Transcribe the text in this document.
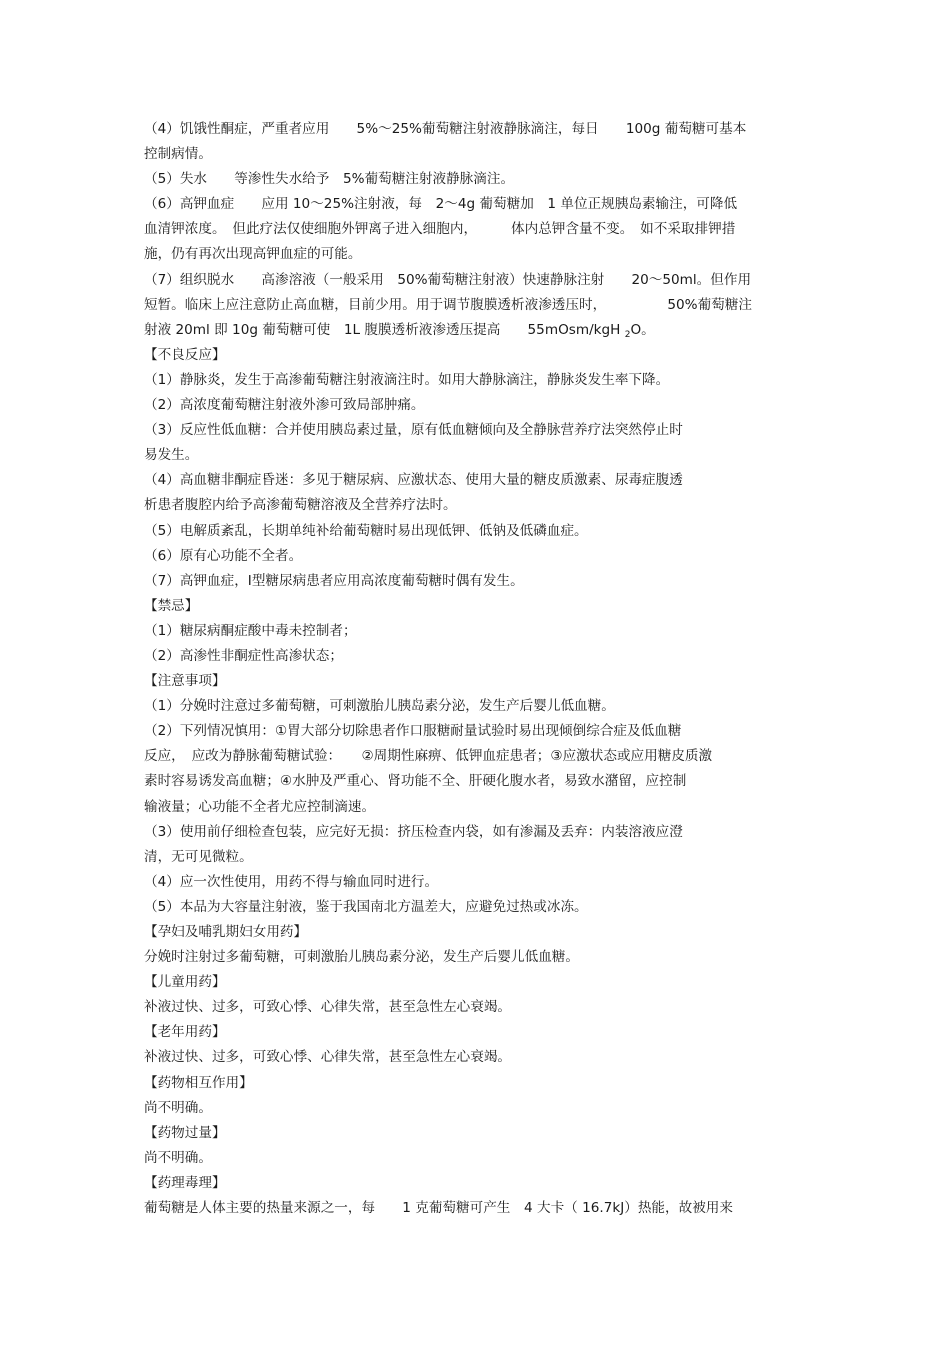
（4）饥饿性酮症，严重者应用　　5%～25%葡萄糖注射液静脉滴注，每日　　100g 葡萄糖可基本
控制病情。
（5）失水　　等渗性失水给予　5%葡萄糖注射液静脉滴注。
（6）高钾血症　　应用 10～25%注射液，每　2～4g 葡萄糖加　1 单位正规胰岛素输注，可降低
血清钾浓度。　但此疗法仅使细胞外钾离子进入细胞内，　　　体内总钾含量不变。　如不采取排钾措
施，仍有再次出现高钾血症的可能。
（7）组织脱水　　高渗溶液（一般采用　50%葡萄糖注射液）快速静脉注射　　20～50ml。但作用
短暂。临床上应注意防止高血糖，目前少用。用于调节腹膜透析液渗透压时，　　　　　50%葡萄糖注
射液 20ml 即 10g 葡萄糖可使　1L 腹膜透析液渗透压提高　　55mOsm/kgH $_2$O。
【不良反应】
（1）静脉炎，发生于高渗葡萄糖注射液滴注时。如用大静脉滴注，静脉炎发生率下降。
（2）高浓度葡萄糖注射液外渗可致局部肿痛。
（3）反应性低血糖：合并使用胰岛素过量，原有低血糖倾向及全静脉营养疗法突然停止时
易发生。
（4）高血糖非酮症昏迷：多见于糖尿病、应激状态、使用大量的糖皮质激素、尿毒症腹透
析患者腹腔内给予高渗葡萄糖溶液及全营养疗法时。
（5）电解质紊乱，长期单纯补给葡萄糖时易出现低钾、低钠及低磷血症。
（6）原有心功能不全者。
（7）高钾血症，Ⅰ型糖尿病患者应用高浓度葡萄糖时偶有发生。
【禁忌】
（1）糖尿病酮症酸中毒未控制者；
（2）高渗性非酮症性高渗状态；
【注意事项】
（1）分娩时注意过多葡萄糖，可刺激胎儿胰岛素分泌，发生产后婴儿低血糖。
（2）下列情况慎用：①胃大部分切除患者作口服糖耐量试验时易出现倾倒综合症及低血糖
反应，　应改为静脉葡萄糖试验：　　②周期性麻痹、低钾血症患者；③应激状态或应用糖皮质激
素时容易诱发高血糖；④水肿及严重心、肾功能不全、肝硬化腹水者，易致水潴留，应控制
输液量；心功能不全者尤应控制滴速。
（3）使用前仔细检查包装，应完好无损：挤压检查内袋，如有渗漏及丢弃：内装溶液应澄
清，无可见微粒。
（4）应一次性使用，用药不得与输血同时进行。
（5）本品为大容量注射液，鉴于我国南北方温差大，应避免过热或冰冻。
【孕妇及哺乳期妇女用药】
分娩时注射过多葡萄糖，可刺激胎儿胰岛素分泌，发生产后婴儿低血糖。
【儿童用药】
补液过快、过多，可致心悸、心律失常，甚至急性左心衰竭。
【老年用药】
补液过快、过多，可致心悸、心律失常，甚至急性左心衰竭。
【药物相互作用】
尚不明确。
【药物过量】
尚不明确。
【药理毒理】
葡萄糖是人体主要的热量来源之一，每　　1 克葡萄糖可产生　4 大卡（ 16.7kJ）热能，故被用来
